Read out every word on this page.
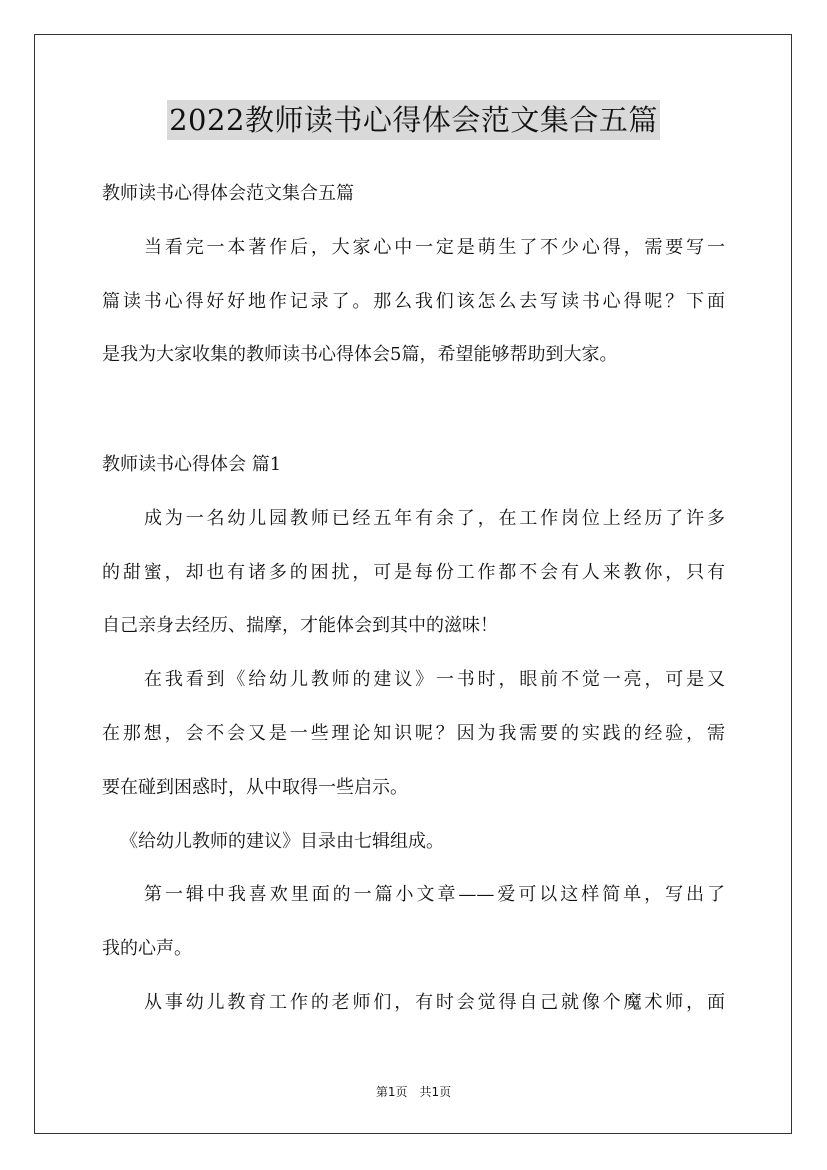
2022教师读书心得体会范文集合五篇
教师读书心得体会范文集合五篇
当看完一本著作后，大家心中一定是萌生了不少心得，需要写一
篇读书心得好好地作记录了。那么我们该怎么去写读书心得呢？下面
是我为大家收集的教师读书心得体会5篇，希望能够帮助到大家。
教师读书心得体会 篇1
成为一名幼儿园教师已经五年有余了，在工作岗位上经历了许多
的甜蜜，却也有诸多的困扰，可是每份工作都不会有人来教你，只有
自己亲身去经历、揣摩，才能体会到其中的滋味！
在我看到《给幼儿教师的建议》一书时，眼前不觉一亮，可是又
在那想，会不会又是一些理论知识呢？因为我需要的实践的经验，需
要在碰到困惑时，从中取得一些启示。
《给幼儿教师的建议》目录由七辑组成。
第一辑中我喜欢里面的一篇小文章——爱可以这样简单，写出了
我的心声。
从事幼儿教育工作的老师们，有时会觉得自己就像个魔术师，面
第1页　共1页
